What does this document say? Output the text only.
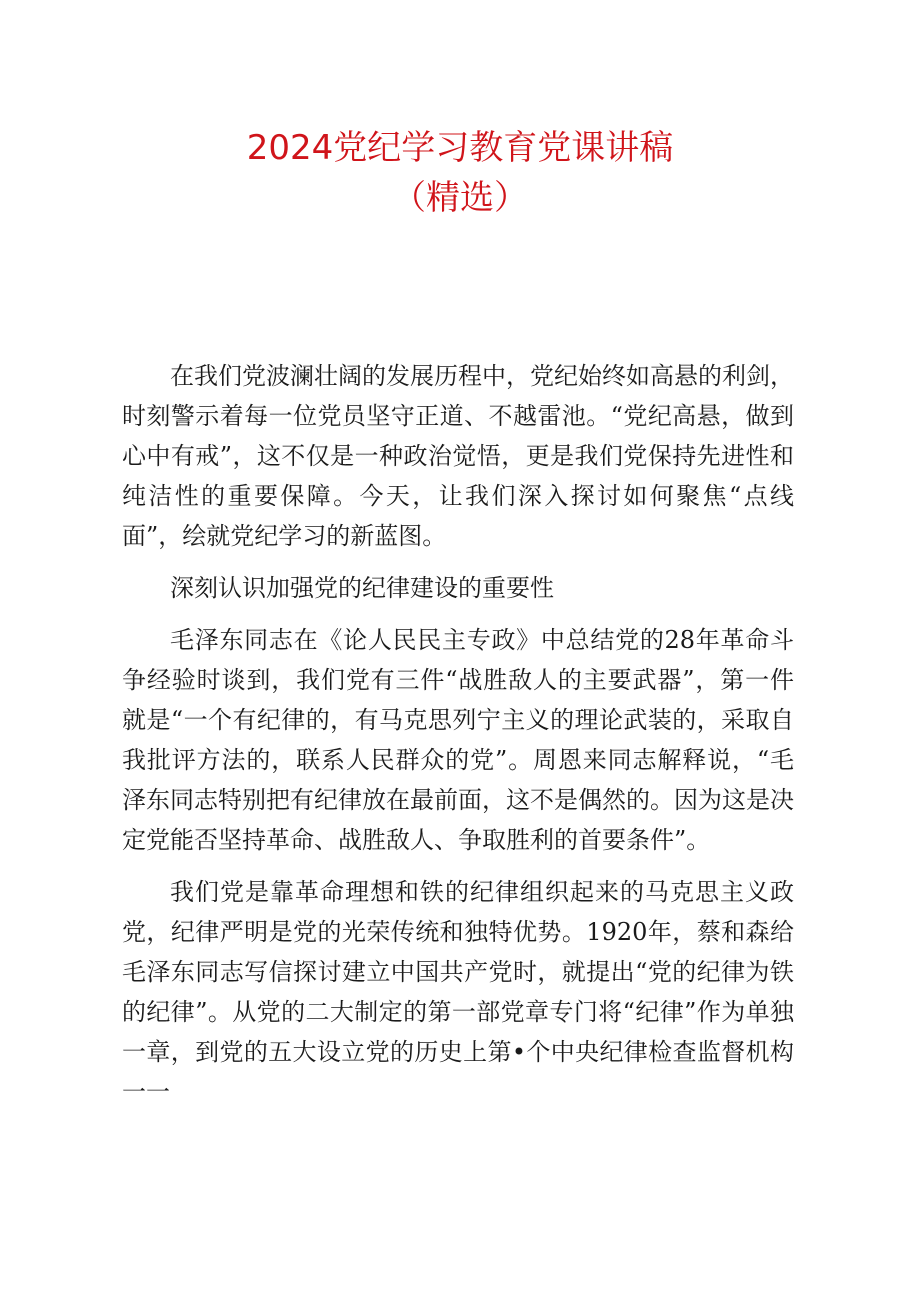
2024党纪学习教育党课讲稿
（精选）

在我们党波澜壮阔的发展历程中，党纪始终如高悬的利剑，时刻警示着每一位党员坚守正道、不越雷池。“党纪高悬，做到心中有戒”，这不仅是一种政治觉悟，更是我们党保持先进性和纯洁性的重要保障。今天，让我们深入探讨如何聚焦“点线面”，绘就党纪学习的新蓝图。

深刻认识加强党的纪律建设的重要性

毛泽东同志在《论人民民主专政》中总结党的28年革命斗争经验时谈到，我们党有三件“战胜敌人的主要武器”，第一件就是“一个有纪律的，有马克思列宁主义的理论武装的，采取自我批评方法的，联系人民群众的党”。周恩来同志解释说，“毛泽东同志特别把有纪律放在最前面，这不是偶然的。因为这是决定党能否坚持革命、战胜敌人、争取胜利的首要条件”。

我们党是靠革命理想和铁的纪律组织起来的马克思主义政党，纪律严明是党的光荣传统和独特优势。1920年，蔡和森给毛泽东同志写信探讨建立中国共产党时，就提出“党的纪律为铁的纪律”。从党的二大制定的第一部党章专门将“纪律”作为单独一章，到党的五大设立党的历史上第•个中央纪律检查监督机构一一
